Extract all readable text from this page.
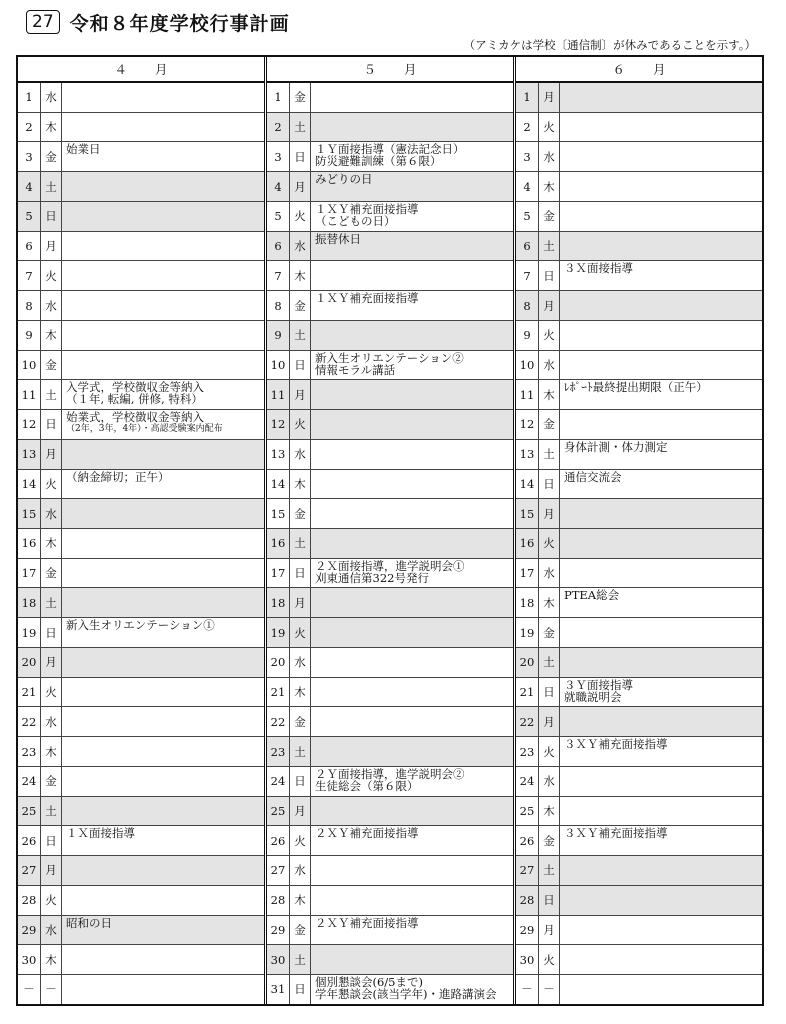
27 令和８年度学校行事計画
（アミカケは学校〔通信制〕が休みであることを示す。）
４ 月
1	水
2	木
3	金
始業日
4	土
5	日
6	月
7	火
8	水
9	木
10 金
11 土
入学式，学校徴収金等納入
（１年, 転編, 併修, 特科）
12 日
始業式，学校徴収金等納入
（2年，3年，4年）・高認受験案内配布
13 月
14 火
（納金締切；正午）
15 水
16 木
17 金
18 土
19 日
新入生オリエンテーション①
20 月
21 火
22 水
23 木
24 金
25 土
26 日
１Ｘ面接指導
27 月
28 火
29 水
昭和の日
30 木
－ －
５ 月
1	金
2	土
3	日
１Ｙ面接指導（憲法記念日）
防災避難訓練（第６限）
4	月
みどりの日
5	火
１ＸＹ補充面接指導
（こどもの日）
6	水
振替休日
7	木
8	金
１ＸＹ補充面接指導
9	土
10 日
新入生オリエンテーション②
情報モラル講話
11 月
12 火
13 水
14 木
15 金
16 土
17 日
２Ｘ面接指導，進学説明会①
刈東通信第322号発行
18 月
19 火
20 水
21 木
22 金
23 土
24 日
２Ｙ面接指導，進学説明会②
生徒総会（第６限）
25 月
26 火
２ＸＹ補充面接指導
27 水
28 木
29 金
２ＸＹ補充面接指導
30 土
31 日
個別懇談会(6/5まで)
学年懇談会(該当学年)・進路講演会
６ 月
1	月
2	火
3	水
4	木
5	金
6	土
7	日
３Ｘ面接指導
8	月
9	火
10 水
11 木
ﾚﾎﾟｰﾄ最終提出期限（正午）
12 金
13 土
身体計測・体力測定
14 日
通信交流会
15 月
16 火
17 水
18 木
PTEA総会
19 金
20 土
21 日
３Ｙ面接指導
就職説明会
22 月
23 火
３ＸＹ補充面接指導
24 水
25 木
26 金
３ＸＹ補充面接指導
27 土
28 日
29 月
30 火
－ －
